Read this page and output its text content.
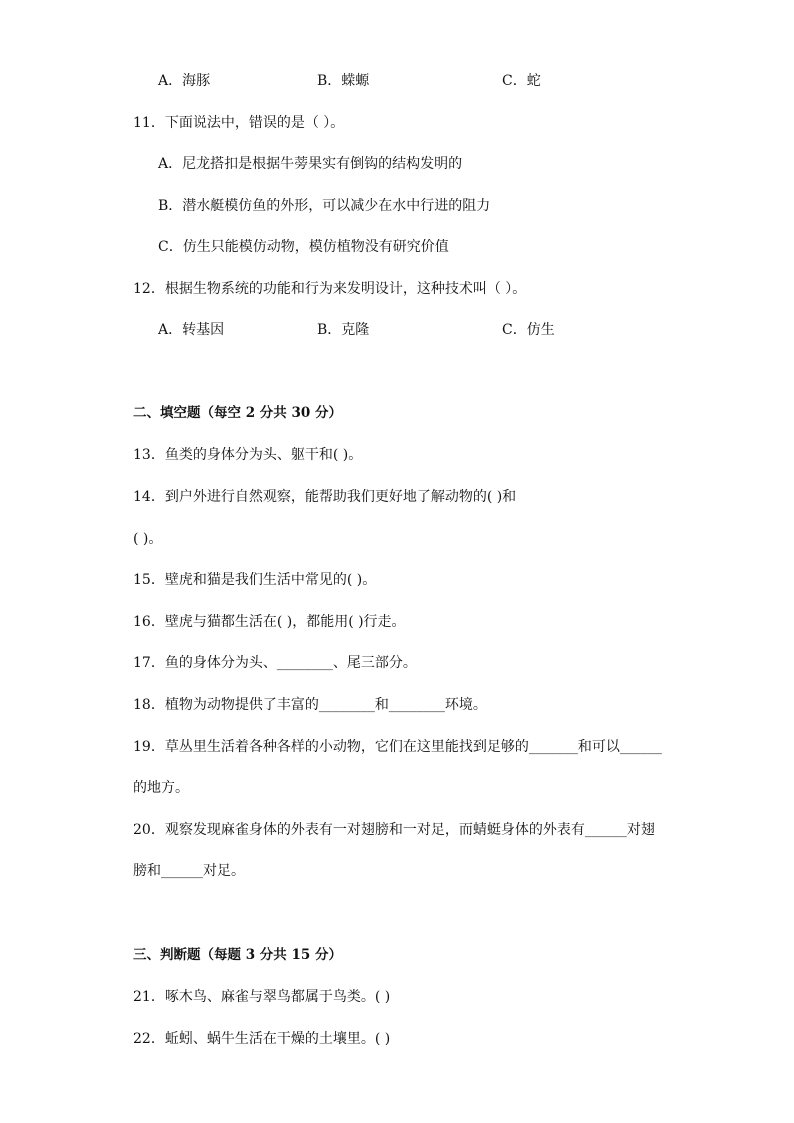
A．海豚	B．蝾螈	C．蛇
11．下面说法中，错误的是（ ）。
A．尼龙搭扣是根据牛蒡果实有倒钩的结构发明的
B．潜水艇模仿鱼的外形，可以减少在水中行进的阻力
C．仿生只能模仿动物，模仿植物没有研究价值
12．根据生物系统的功能和行为来发明设计，这种技术叫（ ）。
A．转基因	B．克隆	C．仿生
二、填空题（每空 2 分共 30 分）
13．鱼类的身体分为头、躯干和( )。
14．到户外进行自然观察，能帮助我们更好地了解动物的( )和
( )。
15．壁虎和猫是我们生活中常见的( )。
16．壁虎与猫都生活在( )，都能用( )行走。
17．鱼的身体分为头、________、尾三部分。
18．植物为动物提供了丰富的________和________环境。
19．草丛里生活着各种各样的小动物，它们在这里能找到足够的_______和可以______
的地方。
20．观察发现麻雀身体的外表有一对翅膀和一对足，而蜻蜓身体的外表有______对翅
膀和______对足。
三、判断题（每题 3 分共 15 分）
21．啄木鸟、麻雀与翠鸟都属于鸟类。( )
22．蚯蚓、蜗牛生活在干燥的土壤里。( )
